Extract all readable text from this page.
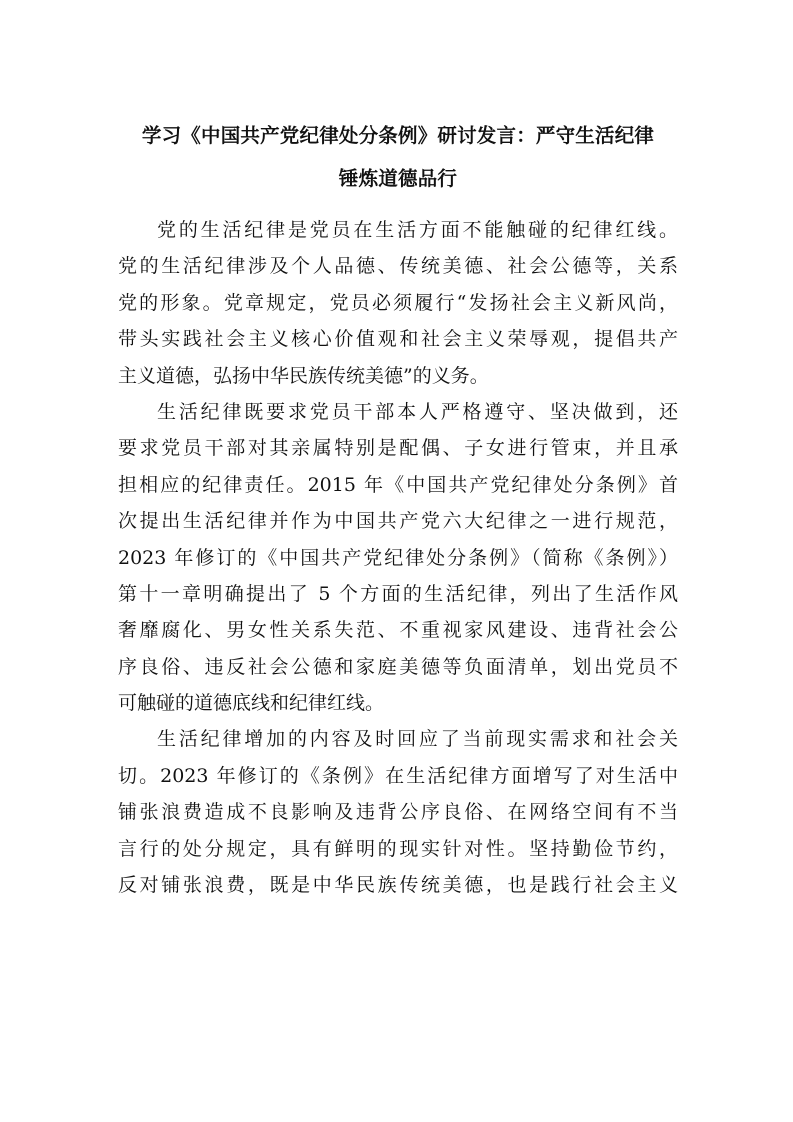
学习《中国共产党纪律处分条例》研讨发言：严守生活纪律
锤炼道德品行
党的生活纪律是党员在生活方面不能触碰的纪律红线。
党的生活纪律涉及个人品德、传统美德、社会公德等，关系
党的形象。党章规定，党员必须履行“发扬社会主义新风尚，
带头实践社会主义核心价值观和社会主义荣辱观，提倡共产
主义道德，弘扬中华民族传统美德”的义务。
生活纪律既要求党员干部本人严格遵守、坚决做到，还
要求党员干部对其亲属特别是配偶、子女进行管束，并且承
担相应的纪律责任。2015 年《中国共产党纪律处分条例》首
次提出生活纪律并作为中国共产党六大纪律之一进行规范，
2023 年修订的《中国共产党纪律处分条例》（简称《条例》）
第十一章明确提出了 5 个方面的生活纪律，列出了生活作风
奢靡腐化、男女性关系失范、不重视家风建设、违背社会公
序良俗、违反社会公德和家庭美德等负面清单，划出党员不
可触碰的道德底线和纪律红线。
生活纪律增加的内容及时回应了当前现实需求和社会关
切。2023 年修订的《条例》在生活纪律方面增写了对生活中
铺张浪费造成不良影响及违背公序良俗、在网络空间有不当
言行的处分规定，具有鲜明的现实针对性。坚持勤俭节约，
反对铺张浪费，既是中华民族传统美德，也是践行社会主义
